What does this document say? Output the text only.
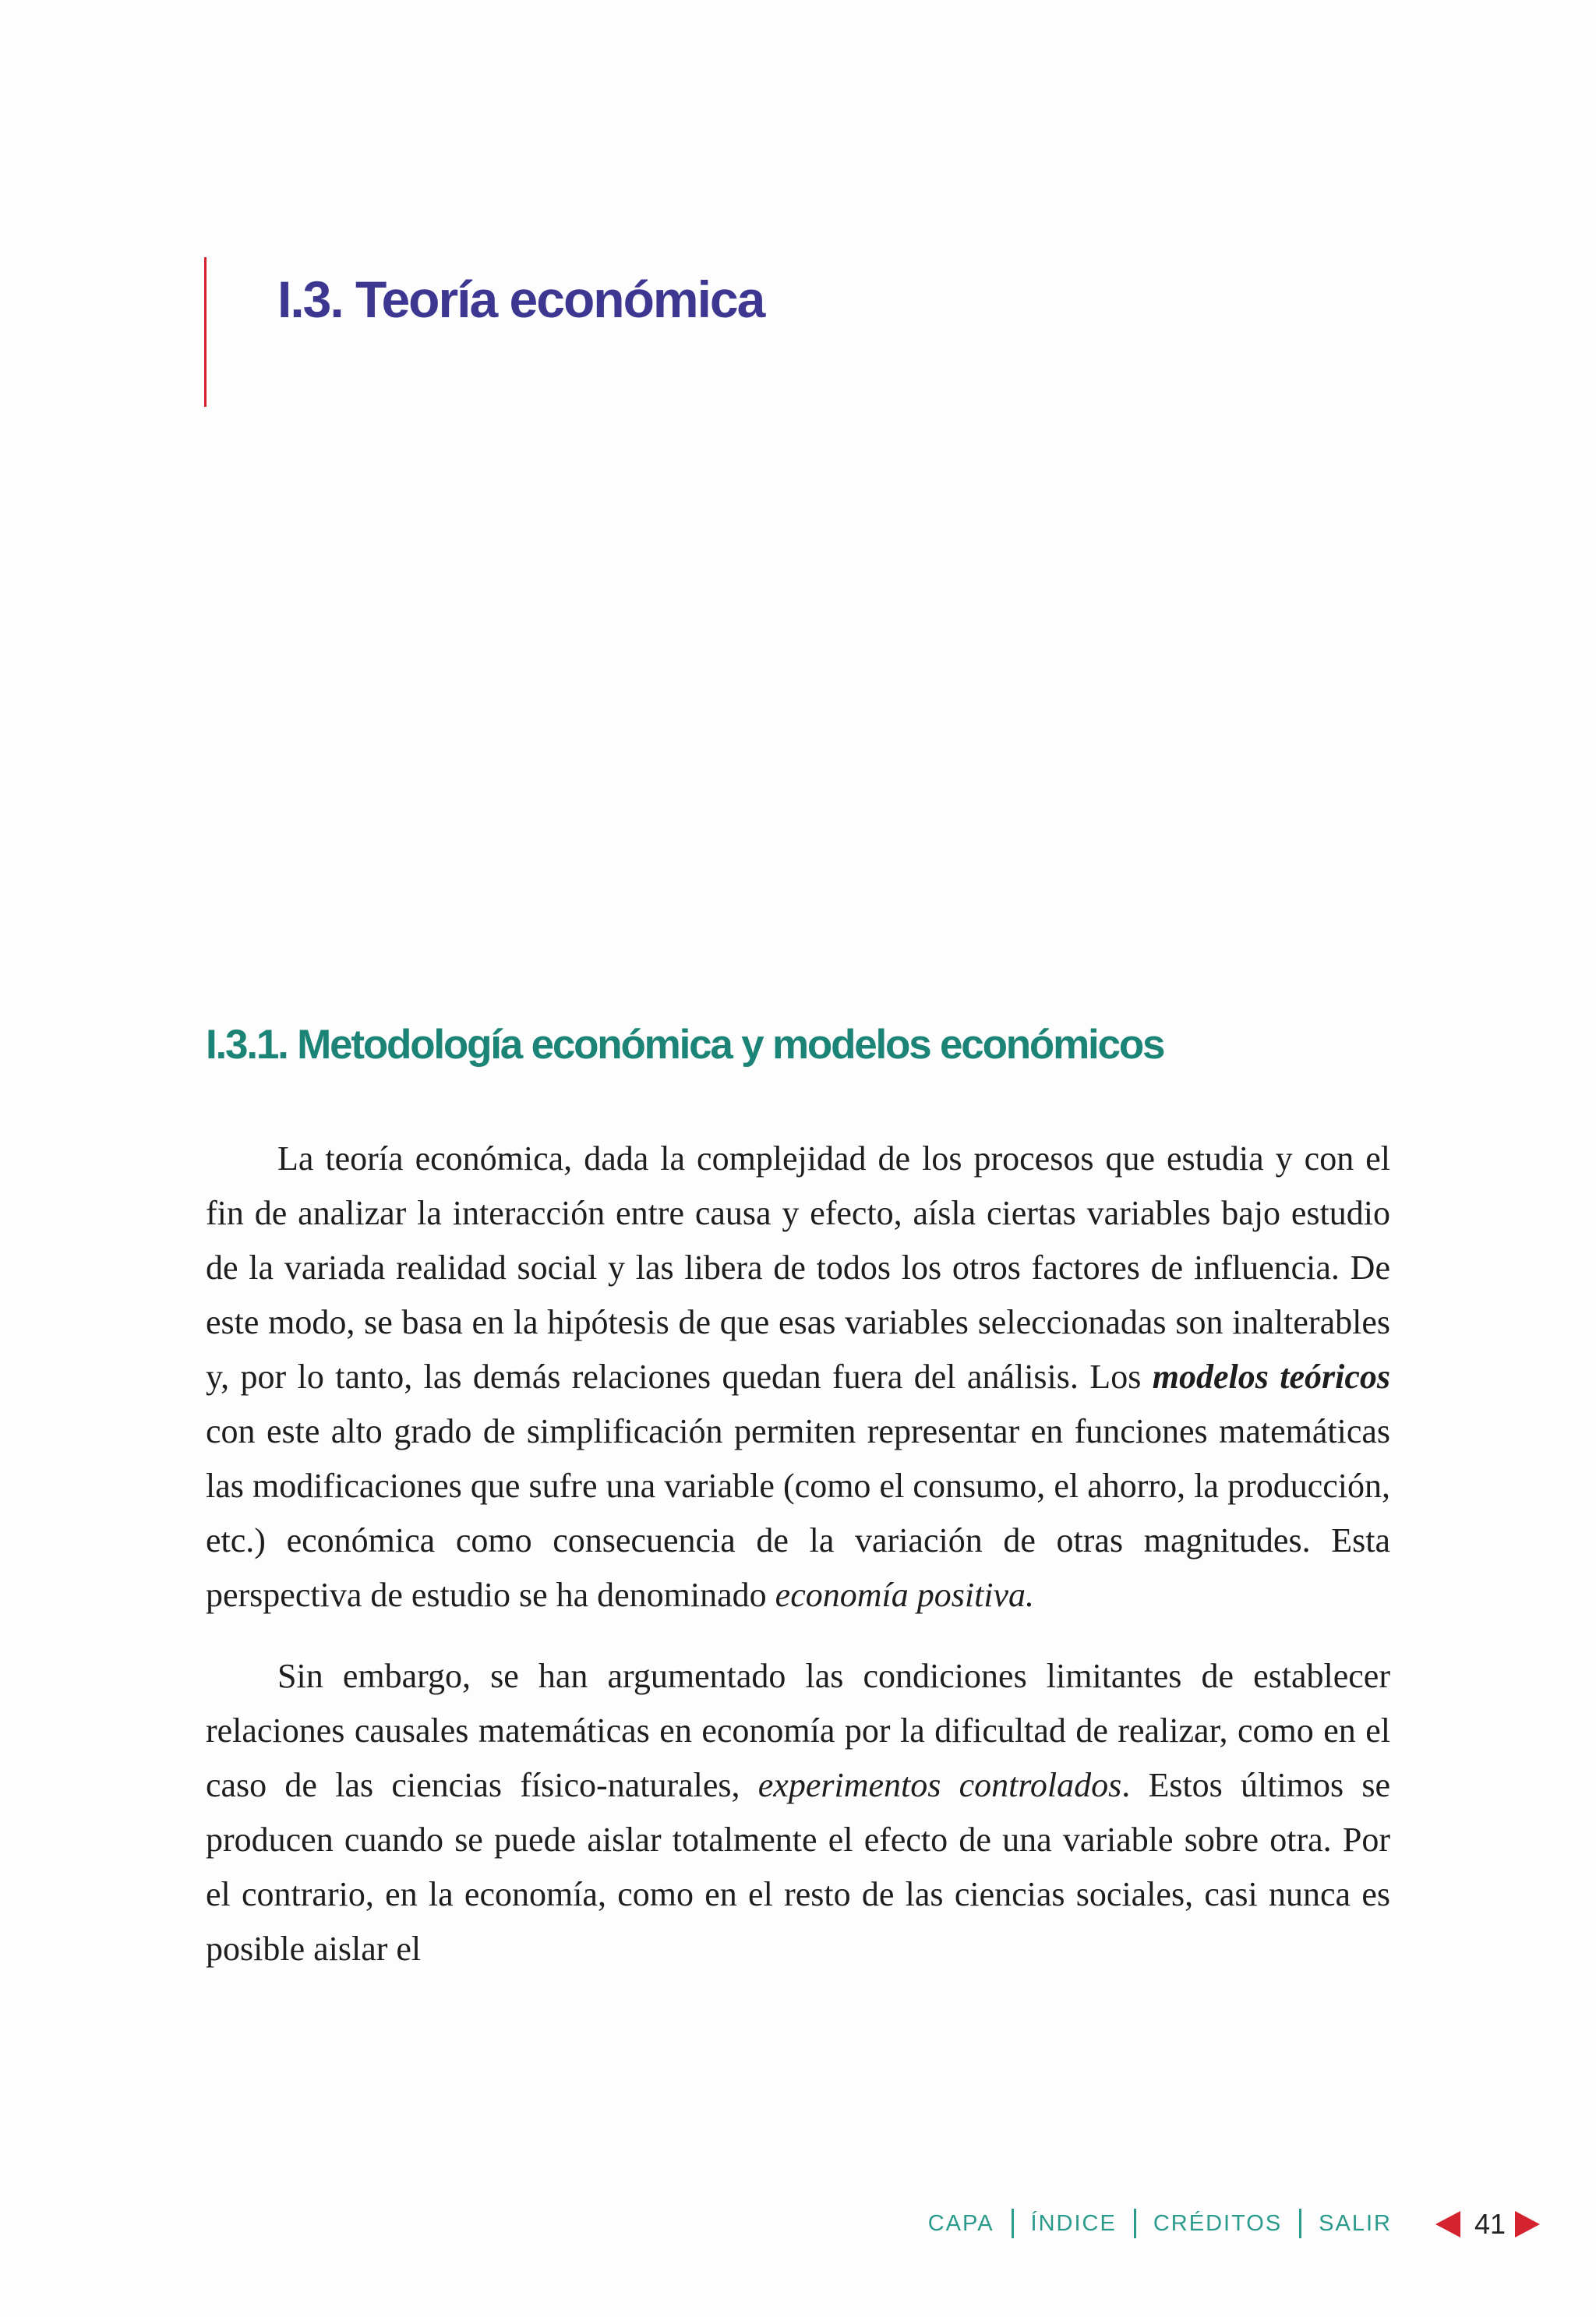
I.3. Teoría económica
I.3.1. Metodología económica y modelos económicos

La teoría económica, dada la complejidad de los procesos que estudia y con el fin de analizar la interacción entre causa y efecto, aísla ciertas variables bajo estudio de la variada realidad social y las libera de todos los otros factores de influencia. De este modo, se basa en la hipótesis de que esas variables seleccionadas son inalterables y, por lo tanto, las demás relaciones quedan fuera del análisis. Los modelos teóricos con este alto grado de simplificación permiten representar en funciones matemáticas las modificaciones que sufre una variable (como el consumo, el ahorro, la producción, etc.) económica como consecuencia de la variación de otras magnitudes. Esta perspectiva de estudio se ha denominado economía positiva.

Sin embargo, se han argumentado las condiciones limitantes de establecer relaciones causales matemáticas en economía por la dificultad de realizar, como en el caso de las ciencias físico-naturales, experimentos controlados. Estos últimos se producen cuando se puede aislar totalmente el efecto de una variable sobre otra. Por el contrario, en la economía, como en el resto de las ciencias sociales, casi nunca es posible aislar el

CAPA ÍNDICE CRÉDITOS SALIR	41
